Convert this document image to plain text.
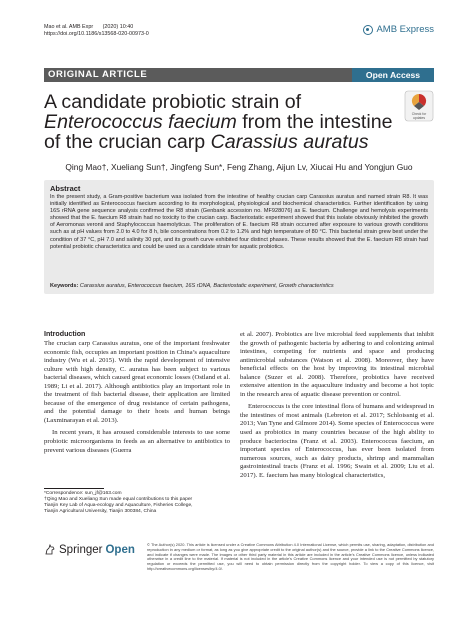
Mao et al. AMB Expr (2020) 10:40
https://doi.org/10.1186/s13568-020-00973-0	AMB Express
ORIGINAL ARTICLE	Open Access
A candidate probiotic strain of Enterococcus faecium from the intestine of the crucian carp Carassius auratus
Check for
updates
Qing Mao†, Xueliang Sun†, Jingfeng Sun*, Feng Zhang, Aijun Lv, Xiucai Hu and Yongjun Guo
Abstract
In the present study, a Gram-positive bacterium was isolated from the intestine of healthy crucian carp Carassius auratus and named strain R8. It was initially identified as Enterococcus faecium according to its morphological, physiological and biochemical characteristics. Further identification by using 16S rRNA gene sequence analysis confirmed the R8 strain (Genbank accession no. MF928076) as E. faecium. Challenge and hemolysis experiments showed that the E. faecium R8 strain had no toxicity to the crucian carp. Bacteriostatic experiment showed that this isolate obviously inhibited the growth of Aeromonas veronii and Staphylococcus haemolyticus. The proliferation of E. faecium R8 strain occurred after exposure to various growth conditions such as at pH values from 2.0 to 4.0 for 8 h, bile concentrations from 0.2 to 1.2% and high temperature of 80 °C. This bacterial strain grew best under the condition of 37 °C, pH 7.0 and salinity 30 ppt, and its growth curve exhibited four distinct phases. These results showed that the E. faecium R8 strain had potential probiotic characteristics and could be used as a candidate strain for aquatic probiotics.
Keywords: Carassius auratus, Enterococcus faecium, 16S rDNA, Bacteriostatic experiment, Growth characteristics
Introduction

The crucian carp Carassius auratus, one of the important freshwater economic fish, occupies an important position in China’s aquaculture industry (Wu et al. 2015). With the rapid development of intensive culture with high density, C. auratus has been subject to various bacterial diseases, which caused great economic losses (Ostland et al. 1989; Li et al. 2017). Although antibiotics play an important role in the treatment of fish bacterial disease, their application are limited because of the emergence of drug resistance of certain pathogens, and the potential damage to their hosts and human beings (Laxminarayan et al. 2013).

In recent years, it has aroused considerable interests to use some probiotic microorganisms in feeds as an alternative to antibiotics to prevent various diseases (Guerra

et al. 2007). Probiotics are live microbial feed supplements that inhibit the growth of pathogenic bacteria by adhering to and colonizing animal intestines, competing for nutrients and space and producing antimicrobial substances (Watson et al. 2008). Moreover, they have beneficial effects on the host by improving its intestinal microbial balance (Suzer et al. 2008). Therefore, probiotics have received extensive attention in the aquaculture industry and become a hot topic in the research area of aquatic disease prevention or control.

Enterococcus is the core intestinal flora of humans and widespread in the intestines of most animals (Lebreton et al. 2017; Schloissnig et al. 2013; Van Tyne and Gilmore 2014). Some species of Enterococcus were used as probiotics in many countries because of the high ability to produce bacteriocins (Franz et al. 2003). Enterococcus faecium, an important species of Enterococcus, has ever been isolated from numerous sources, such as dairy products, shrimp and mammalian gastrointestinal tracts (Franz et al. 1996; Swain et al. 2009; Liu et al. 2017). E. faecium has many biological characteristics,

*Correspondence: sun_jf@163.com
†Qing Mao and Xueliang Sun made equal contributions to this paper
Tianjin Key Lab of Aqua-ecology and Aquaculture, Fisheries College,
Tianjin Agricultural University, Tianjin 300384, China
Springer Open	© The Author(s) 2020. This article is licensed under a Creative Commons Attribution 4.0 International License, which permits use, sharing, adaptation, distribution and reproduction in any medium or format, as long as you give appropriate credit to the original author(s) and the source, provide a link to the Creative Commons licence, and indicate if changes were made. The images or other third party material in this article are included in the article’s Creative Commons licence, unless indicated otherwise in a credit line to the material. If material is not included in the article’s Creative Commons licence and your intended use is not permitted by statutory regulation or exceeds the permitted use, you will need to obtain permission directly from the copyright holder. To view a copy of this licence, visit http://creativecommons.org/licenses/by/4.0/.
